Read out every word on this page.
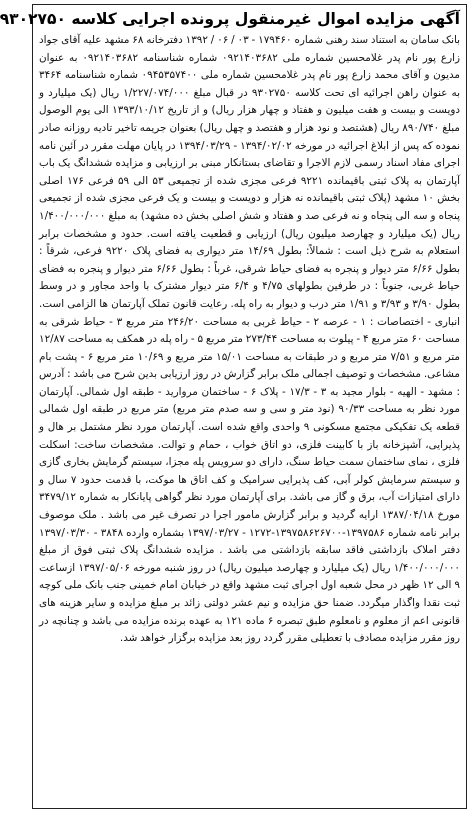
آگهی مزایده اموال غیرمنقول پرونده اجرایی کلاسه ۹۳۰۲۷۵۰

بانک سامان به استناد سند رهنی شماره ۱۷۹۴۶۰ - ۰۳ / ۰۶ / ۱۳۹۲ دفترخانه ۶۸ مشهد علیه آقای جواد زارع پور نام پدر غلامحسین شماره ملی ۰۹۲۱۴۰۳۶۸۲ شماره شناسنامه ۰۹۲۱۴۰۳۶۸۲ به عنوان مدیون و آقای محمد زارع پور نام پدر غلامحسین شماره ملی ۰۹۴۵۳۵۷۴۰۰ شماره شناسنامه ۳۴۶۴ به عنوان راهن اجرائیه ای تحت کلاسه ۹۳۰۲۷۵۰ در قبال مبلغ ۱/۲۲۷/۰۷۴/۰۰۰ ریال (یک میلیارد و دویست و بیست و هفت میلیون و هفتاد و چهار هزار ریال) و از تاریخ ۱۳۹۳/۱۰/۱۲ الی یوم الوصول مبلغ ۸۹۰/۷۴۰ ریال (هشتصد و نود هزار و هفتصد و چهل ریال) بعنوان جریمه تاخیر تادیه روزانه صادر نموده که پس از ابلاغ اجرائیه در مورخه ۱۳۹۴/۰۲/۰۲ - ۱۳۹۴/۰۳/۲۹ در پایان مهلت مقرر در آئین نامه اجرای مفاد اسناد رسمی لازم الاجرا و تقاضای بستانکار مبنی بر ارزیابی و مزایده ششدانگ یک باب آپارتمان به پلاک ثبتی باقیمانده ۹۲۲۱ فرعی مجزی شده از تجمیعی ۵۳ الی ۵۹ فرعی ۱۷۶ اصلی بخش ۱۰ مشهد (پلاک ثبتی باقیمانده نه هزار و دویست و بیست و یک فرعی مجزی شده از تجمیعی پنجاه و سه الی پنجاه و نه فرعی صد و هفتاد و شش اصلی بخش ده مشهد) به مبلغ ۱/۴۰۰/۰۰۰/۰۰۰ ریال (یک میلیارد و چهارصد میلیون ریال) ارزیابی و قطعیت یافته است. حدود و مشخصات برابر استعلام به شرح ذیل است : شمالاً: بطول ۱۴/۶۹ متر دیواری به فضای پلاک ۹۲۲۰ فرعی، شرقاً : بطول ۶/۶۶ متر دیوار و پنجره به فضای حیاط شرقی، غرباً : بطول ۶/۶۶ متر دیوار و پنجره به فضای حیاط غربی، جنوباً : در طرفین بطولهای ۴/۷۵ و ۶/۴ متر دیوار مشترک با واحد مجاور و در وسط بطول ۳/۹۰ و ۳/۹۳ و ۱/۹۱ متر درب و دیوار به راه پله. رعایت قانون تملک آپارتمان ها الزامی است. انباری - اختصاصات : ۱ - عرصه ۲ - حیاط غربی به مساحت ۲۴۶/۲۰ متر مربع ۳ - حیاط شرقی به مساحت ۶۰ متر مربع ۴ - پیلوت به مساحت ۲۷۳/۴۴ متر مربع ۵ - راه پله در همکف به مساحت ۱۲/۸۷ متر مربع و ۷/۵۱ متر مربع و در طبقات به مساحت ۱۵/۰۱ متر مربع و ۱۰/۶۹ متر مربع ۶ - پشت بام مشاعی. مشخصات و توصیف اجمالی ملک برابر گزارش در روز ارزیابی بدین شرح می باشد : آدرس : مشهد - الهیه - بلوار مجید به ۳ - ۱۷/۳ - پلاک ۶ - ساختمان مروارید - طبقه اول شمالی. آپارتمان مورد نظر به مساحت ۹۰/۳۳ (نود متر و سی و سه صدم متر مربع) متر مربع در طبقه اول شمالی قطعه یک تفکیکی مجتمع مسکونی ۹ واحدی واقع شده است. آپارتمان مورد نظر مشتمل بر هال و پذیرایی، آشپزخانه باز با کابینت فلزی، دو اتاق خواب ، حمام و توالت. مشخصات ساخت: اسکلت فلزی ، نمای ساختمان سمت حیاط سنگ، دارای دو سرویس پله مجزا، سیستم گرمایش بخاری گازی و سیستم سرمایش کولر آبی، کف پذیرایی سرامیک و کف اتاق ها موکت، با قدمت حدود ۷ سال و دارای امتیازات آب، برق و گاز می باشد. برای آپارتمان مورد نظر گواهی پایانکار به شماره ۳۴۷۹/۱۲ مورخ ۱۳۸۷/۰۴/۱۸ ارایه گردید و برابر گزارش مامور اجرا در تصرف غیر می باشد . ملک موصوف برابر نامه شماره ۱۳۹۷۵۸۶-۱۳۹۷۵۸۶۲۶۷۰۰-۱۲۷۲ - ۱۳۹۷/۰۳/۲۷ بشماره وارده ۳۸۴۸ - ۱۳۹۷/۰۳/۳۰ دفتر املاک بازداشتی فاقد سابقه بازداشتی می باشد . مزایده ششدانگ پلاک ثبتی فوق از مبلغ ۱/۴۰۰/۰۰۰/۰۰۰ ریال (یک میلیارد و چهارصد میلیون ریال) در روز شنبه مورخه ۱۳۹۷/۰۵/۰۶ ازساعت ۹ الی ۱۲ ظهر در محل شعبه اول اجرای ثبت مشهد واقع در خیابان امام خمینی جنب بانک ملی کوچه ثبت نقدا واگذار میگردد. ضمنا حق مزایده و نیم عشر دولتی زائد بر مبلغ مزایده و سایر هزینه های قانونی اعم از معلوم و نامعلوم طبق تبصره ۶ ماده ۱۲۱ به عهده برنده مزایده می باشد و چنانچه در روز مقرر مزایده مصادف با تعطیلی مقرر گردد روز بعد مزایده برگزار خواهد شد.
